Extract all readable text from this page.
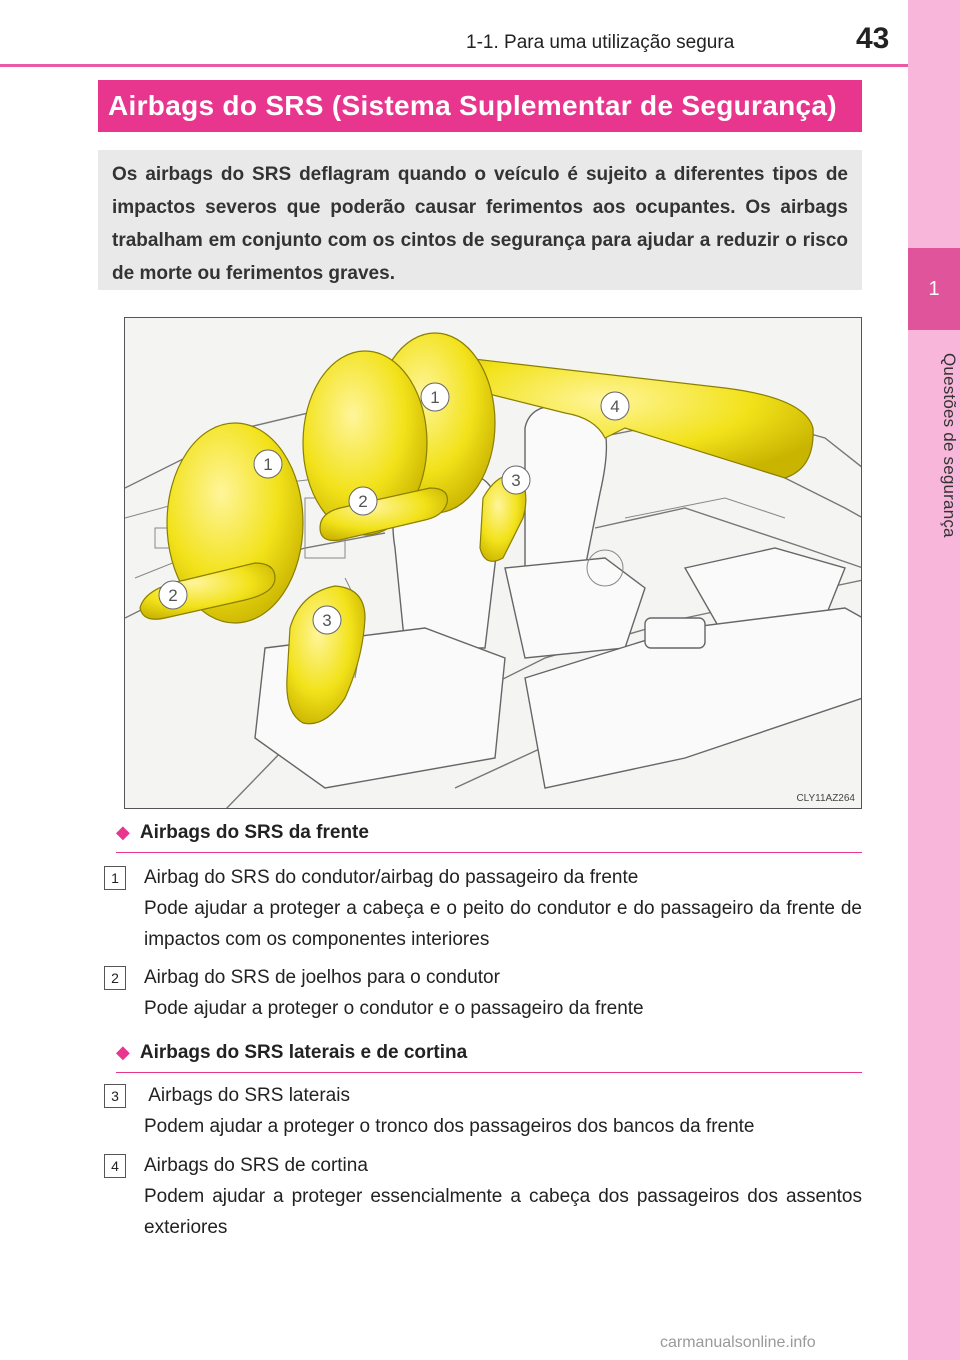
1
Questões de segurança
1-1. Para uma utilização segura	43
Airbags do SRS (Sistema Suplementar de Segurança)
Os airbags do SRS deflagram quando o veículo é sujeito a diferentes tipos de impactos severos que poderão causar ferimentos aos ocupantes. Os airbags trabalham em conjunto com os cintos de segurança para ajudar a reduzir o risco de morte ou ferimentos graves.
1	4
1
3
2
2
3
CLY11AZ264
◆ Airbags do SRS da frente
1	Airbag do SRS do condutor/airbag do passageiro da frente
Pode ajudar a proteger a cabeça e o peito do condutor e do passageiro da frente de impactos com os componentes interiores
2	Airbag do SRS de joelhos para o condutor
Pode ajudar a proteger o condutor e o passageiro da frente
◆ Airbags do SRS laterais e de cortina
3	Airbags do SRS laterais
Podem ajudar a proteger o tronco dos passageiros dos bancos da frente
4	Airbags do SRS de cortina
Podem ajudar a proteger essencialmente a cabeça dos passageiros dos assentos exteriores
carmanualsonline.info
